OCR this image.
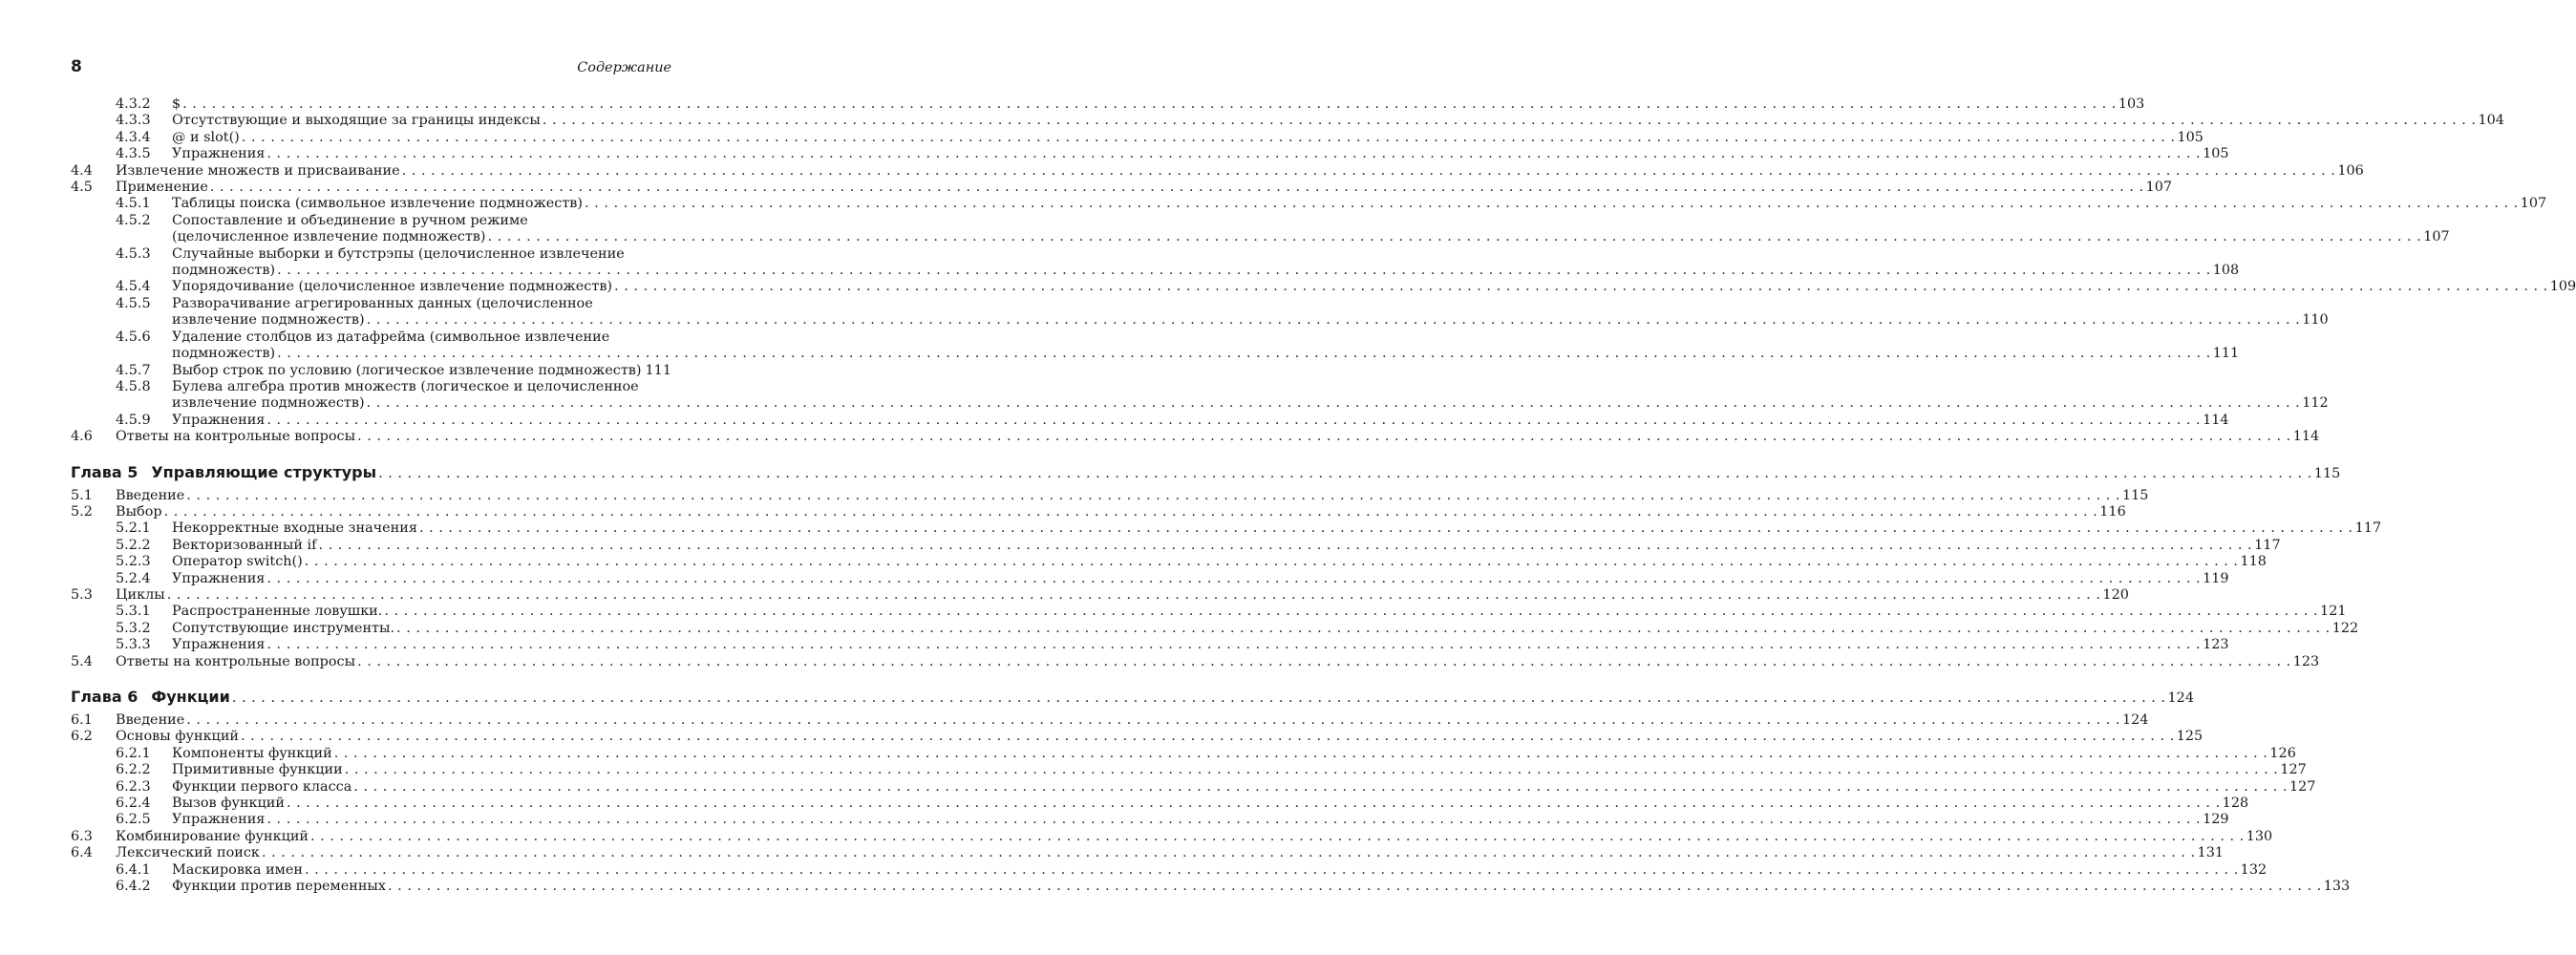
8	Содержание
4.3.2 $ . . . . . . . . . . . . . . . . . . . . . . . . . . . . . . . . . . . . . . . . . . . . . . . . . . . . . . . . . . . . . . . . . . . . . . . . . . . . . . . . . . . . . . . . . . . . . . . . . . . . . . . . . . . . . . . . . . . . . . . . . . . . . . . . . . . . . . . . . . . . . . . . . . . . . . . . . . . . . . . . . . . . . . . . . . . . . . . . . . . . . . . . . . . . . . . . . . . . . . . . 103
4.3.3 Отсутствующие и выходящие за границы индексы . . . . . . . . . . . . . . . . . . . . . . . . . . . . . . . . . . . . . . . . . . . . . . . . . . . . . . . . . . . . . . . . . . . . . . . . . . . . . . . . . . . . . . . . . . . . . . . . . . . . . . . . . . . . . . . . . . . . . . . . . . . . . . . . . . . . . . . . . . . . . . . . . . . . . . . . . . . . . . . . . . . . . . . . . . . . . . . . . . . . . . . . . . . . . . . . . . . . . . . . 104
4.3.4 @ и slot() . . . . . . . . . . . . . . . . . . . . . . . . . . . . . . . . . . . . . . . . . . . . . . . . . . . . . . . . . . . . . . . . . . . . . . . . . . . . . . . . . . . . . . . . . . . . . . . . . . . . . . . . . . . . . . . . . . . . . . . . . . . . . . . . . . . . . . . . . . . . . . . . . . . . . . . . . . . . . . . . . . . . . . . . . . . . . . . . . . . . . . . . . . . . . . . . . . . . . . . . 105
4.3.5 Упражнения . . . . . . . . . . . . . . . . . . . . . . . . . . . . . . . . . . . . . . . . . . . . . . . . . . . . . . . . . . . . . . . . . . . . . . . . . . . . . . . . . . . . . . . . . . . . . . . . . . . . . . . . . . . . . . . . . . . . . . . . . . . . . . . . . . . . . . . . . . . . . . . . . . . . . . . . . . . . . . . . . . . . . . . . . . . . . . . . . . . . . . . . . . . . . . . . . . . . . . . . 105
4.4 Извлечение множеств и присваивание . . . . . . . . . . . . . . . . . . . . . . . . . . . . . . . . . . . . . . . . . . . . . . . . . . . . . . . . . . . . . . . . . . . . . . . . . . . . . . . . . . . . . . . . . . . . . . . . . . . . . . . . . . . . . . . . . . . . . . . . . . . . . . . . . . . . . . . . . . . . . . . . . . . . . . . . . . . . . . . . . . . . . . . . . . . . . . . . . . . . . . . . . . . . . . . . . . . . . . . . 106
4.5 Применение . . . . . . . . . . . . . . . . . . . . . . . . . . . . . . . . . . . . . . . . . . . . . . . . . . . . . . . . . . . . . . . . . . . . . . . . . . . . . . . . . . . . . . . . . . . . . . . . . . . . . . . . . . . . . . . . . . . . . . . . . . . . . . . . . . . . . . . . . . . . . . . . . . . . . . . . . . . . . . . . . . . . . . . . . . . . . . . . . . . . . . . . . . . . . . . . . . . . . . . . 107
4.5.1 Таблицы поиска (символьное извлечение подмножеств) . . . . . . . . . . . . . . . . . . . . . . . . . . . . . . . . . . . . . . . . . . . . . . . . . . . . . . . . . . . . . . . . . . . . . . . . . . . . . . . . . . . . . . . . . . . . . . . . . . . . . . . . . . . . . . . . . . . . . . . . . . . . . . . . . . . . . . . . . . . . . . . . . . . . . . . . . . . . . . . . . . . . . . . . . . . . . . . . . . . . . . . . . . . . . . . . . . . . . . . . 107
4.5.2 Сопоставление и объединение в ручном режиме
(целочисленное извлечение подмножеств) . . . . . . . . . . . . . . . . . . . . . . . . . . . . . . . . . . . . . . . . . . . . . . . . . . . . . . . . . . . . . . . . . . . . . . . . . . . . . . . . . . . . . . . . . . . . . . . . . . . . . . . . . . . . . . . . . . . . . . . . . . . . . . . . . . . . . . . . . . . . . . . . . . . . . . . . . . . . . . . . . . . . . . . . . . . . . . . . . . . . . . . . . . . . . . . . . . . . . . . . 107
4.5.3 Случайные выборки и бутстрэпы (целочисленное извлечение
подмножеств) . . . . . . . . . . . . . . . . . . . . . . . . . . . . . . . . . . . . . . . . . . . . . . . . . . . . . . . . . . . . . . . . . . . . . . . . . . . . . . . . . . . . . . . . . . . . . . . . . . . . . . . . . . . . . . . . . . . . . . . . . . . . . . . . . . . . . . . . . . . . . . . . . . . . . . . . . . . . . . . . . . . . . . . . . . . . . . . . . . . . . . . . . . . . . . . . . . . . . . . . 108
4.5.4 Упорядочивание (целочисленное извлечение подмножеств) . . . . . . . . . . . . . . . . . . . . . . . . . . . . . . . . . . . . . . . . . . . . . . . . . . . . . . . . . . . . . . . . . . . . . . . . . . . . . . . . . . . . . . . . . . . . . . . . . . . . . . . . . . . . . . . . . . . . . . . . . . . . . . . . . . . . . . . . . . . . . . . . . . . . . . . . . . . . . . . . . . . . . . . . . . . . . . . . . . . . . . . . . . . . . . . . . . . . . . . . 109
4.5.5 Разворачивание агрегированных данных (целочисленное
извлечение подмножеств) . . . . . . . . . . . . . . . . . . . . . . . . . . . . . . . . . . . . . . . . . . . . . . . . . . . . . . . . . . . . . . . . . . . . . . . . . . . . . . . . . . . . . . . . . . . . . . . . . . . . . . . . . . . . . . . . . . . . . . . . . . . . . . . . . . . . . . . . . . . . . . . . . . . . . . . . . . . . . . . . . . . . . . . . . . . . . . . . . . . . . . . . . . . . . . . . . . . . . . . . 110
4.5.6 Удаление столбцов из датафрейма (символьное извлечение
подмножеств) . . . . . . . . . . . . . . . . . . . . . . . . . . . . . . . . . . . . . . . . . . . . . . . . . . . . . . . . . . . . . . . . . . . . . . . . . . . . . . . . . . . . . . . . . . . . . . . . . . . . . . . . . . . . . . . . . . . . . . . . . . . . . . . . . . . . . . . . . . . . . . . . . . . . . . . . . . . . . . . . . . . . . . . . . . . . . . . . . . . . . . . . . . . . . . . . . . . . . . . . 111
4.5.7 Выбор строк по условию (логическое извлечение подмножеств) 111
4.5.8 Булева алгебра против множеств (логическое и целочисленное
извлечение подмножеств) . . . . . . . . . . . . . . . . . . . . . . . . . . . . . . . . . . . . . . . . . . . . . . . . . . . . . . . . . . . . . . . . . . . . . . . . . . . . . . . . . . . . . . . . . . . . . . . . . . . . . . . . . . . . . . . . . . . . . . . . . . . . . . . . . . . . . . . . . . . . . . . . . . . . . . . . . . . . . . . . . . . . . . . . . . . . . . . . . . . . . . . . . . . . . . . . . . . . . . . . 112
4.5.9 Упражнения . . . . . . . . . . . . . . . . . . . . . . . . . . . . . . . . . . . . . . . . . . . . . . . . . . . . . . . . . . . . . . . . . . . . . . . . . . . . . . . . . . . . . . . . . . . . . . . . . . . . . . . . . . . . . . . . . . . . . . . . . . . . . . . . . . . . . . . . . . . . . . . . . . . . . . . . . . . . . . . . . . . . . . . . . . . . . . . . . . . . . . . . . . . . . . . . . . . . . . . . 114
4.6 Ответы на контрольные вопросы . . . . . . . . . . . . . . . . . . . . . . . . . . . . . . . . . . . . . . . . . . . . . . . . . . . . . . . . . . . . . . . . . . . . . . . . . . . . . . . . . . . . . . . . . . . . . . . . . . . . . . . . . . . . . . . . . . . . . . . . . . . . . . . . . . . . . . . . . . . . . . . . . . . . . . . . . . . . . . . . . . . . . . . . . . . . . . . . . . . . . . . . . . . . . . . . . . . . . . . . 114
Глава 5 Управляющие структуры . . . . . . . . . . . . . . . . . . . . . . . . . . . . . . . . . . . . . . . . . . . . . . . . . . . . . . . . . . . . . . . . . . . . . . . . . . . . . . . . . . . . . . . . . . . . . . . . . . . . . . . . . . . . . . . . . . . . . . . . . . . . . . . . . . . . . . . . . . . . . . . . . . . . . . . . . . . . . . . . . . . . . . . . . . . . . . . . . . . . . . . . . . . . . . . . . . . . . . . . 115
5.1 Введение . . . . . . . . . . . . . . . . . . . . . . . . . . . . . . . . . . . . . . . . . . . . . . . . . . . . . . . . . . . . . . . . . . . . . . . . . . . . . . . . . . . . . . . . . . . . . . . . . . . . . . . . . . . . . . . . . . . . . . . . . . . . . . . . . . . . . . . . . . . . . . . . . . . . . . . . . . . . . . . . . . . . . . . . . . . . . . . . . . . . . . . . . . . . . . . . . . . . . . . . 115
5.2 Выбор . . . . . . . . . . . . . . . . . . . . . . . . . . . . . . . . . . . . . . . . . . . . . . . . . . . . . . . . . . . . . . . . . . . . . . . . . . . . . . . . . . . . . . . . . . . . . . . . . . . . . . . . . . . . . . . . . . . . . . . . . . . . . . . . . . . . . . . . . . . . . . . . . . . . . . . . . . . . . . . . . . . . . . . . . . . . . . . . . . . . . . . . . . . . . . . . . . . . . . . . 116
5.2.1 Некорректные входные значения . . . . . . . . . . . . . . . . . . . . . . . . . . . . . . . . . . . . . . . . . . . . . . . . . . . . . . . . . . . . . . . . . . . . . . . . . . . . . . . . . . . . . . . . . . . . . . . . . . . . . . . . . . . . . . . . . . . . . . . . . . . . . . . . . . . . . . . . . . . . . . . . . . . . . . . . . . . . . . . . . . . . . . . . . . . . . . . . . . . . . . . . . . . . . . . . . . . . . . . . 117
5.2.2 Векторизованный if . . . . . . . . . . . . . . . . . . . . . . . . . . . . . . . . . . . . . . . . . . . . . . . . . . . . . . . . . . . . . . . . . . . . . . . . . . . . . . . . . . . . . . . . . . . . . . . . . . . . . . . . . . . . . . . . . . . . . . . . . . . . . . . . . . . . . . . . . . . . . . . . . . . . . . . . . . . . . . . . . . . . . . . . . . . . . . . . . . . . . . . . . . . . . . . . . . . . . . . . 117
5.2.3 Оператор switch() . . . . . . . . . . . . . . . . . . . . . . . . . . . . . . . . . . . . . . . . . . . . . . . . . . . . . . . . . . . . . . . . . . . . . . . . . . . . . . . . . . . . . . . . . . . . . . . . . . . . . . . . . . . . . . . . . . . . . . . . . . . . . . . . . . . . . . . . . . . . . . . . . . . . . . . . . . . . . . . . . . . . . . . . . . . . . . . . . . . . . . . . . . . . . . . . . . . . . . . . 118
5.2.4 Упражнения . . . . . . . . . . . . . . . . . . . . . . . . . . . . . . . . . . . . . . . . . . . . . . . . . . . . . . . . . . . . . . . . . . . . . . . . . . . . . . . . . . . . . . . . . . . . . . . . . . . . . . . . . . . . . . . . . . . . . . . . . . . . . . . . . . . . . . . . . . . . . . . . . . . . . . . . . . . . . . . . . . . . . . . . . . . . . . . . . . . . . . . . . . . . . . . . . . . . . . . . 119
5.3 Циклы . . . . . . . . . . . . . . . . . . . . . . . . . . . . . . . . . . . . . . . . . . . . . . . . . . . . . . . . . . . . . . . . . . . . . . . . . . . . . . . . . . . . . . . . . . . . . . . . . . . . . . . . . . . . . . . . . . . . . . . . . . . . . . . . . . . . . . . . . . . . . . . . . . . . . . . . . . . . . . . . . . . . . . . . . . . . . . . . . . . . . . . . . . . . . . . . . . . . . . . . 120
5.3.1 Распространенные ловушки. . . . . . . . . . . . . . . . . . . . . . . . . . . . . . . . . . . . . . . . . . . . . . . . . . . . . . . . . . . . . . . . . . . . . . . . . . . . . . . . . . . . . . . . . . . . . . . . . . . . . . . . . . . . . . . . . . . . . . . . . . . . . . . . . . . . . . . . . . . . . . . . . . . . . . . . . . . . . . . . . . . . . . . . . . . . . . . . . . . . . . . . . . . . . . . . . . . . . . . . . 121
5.3.2 Сопутствующие инструменты. . . . . . . . . . . . . . . . . . . . . . . . . . . . . . . . . . . . . . . . . . . . . . . . . . . . . . . . . . . . . . . . . . . . . . . . . . . . . . . . . . . . . . . . . . . . . . . . . . . . . . . . . . . . . . . . . . . . . . . . . . . . . . . . . . . . . . . . . . . . . . . . . . . . . . . . . . . . . . . . . . . . . . . . . . . . . . . . . . . . . . . . . . . . . . . . . . . . . . . . . 122
5.3.3 Упражнения . . . . . . . . . . . . . . . . . . . . . . . . . . . . . . . . . . . . . . . . . . . . . . . . . . . . . . . . . . . . . . . . . . . . . . . . . . . . . . . . . . . . . . . . . . . . . . . . . . . . . . . . . . . . . . . . . . . . . . . . . . . . . . . . . . . . . . . . . . . . . . . . . . . . . . . . . . . . . . . . . . . . . . . . . . . . . . . . . . . . . . . . . . . . . . . . . . . . . . . . 123
5.4 Ответы на контрольные вопросы . . . . . . . . . . . . . . . . . . . . . . . . . . . . . . . . . . . . . . . . . . . . . . . . . . . . . . . . . . . . . . . . . . . . . . . . . . . . . . . . . . . . . . . . . . . . . . . . . . . . . . . . . . . . . . . . . . . . . . . . . . . . . . . . . . . . . . . . . . . . . . . . . . . . . . . . . . . . . . . . . . . . . . . . . . . . . . . . . . . . . . . . . . . . . . . . . . . . . . . . 123
Глава 6 Функции . . . . . . . . . . . . . . . . . . . . . . . . . . . . . . . . . . . . . . . . . . . . . . . . . . . . . . . . . . . . . . . . . . . . . . . . . . . . . . . . . . . . . . . . . . . . . . . . . . . . . . . . . . . . . . . . . . . . . . . . . . . . . . . . . . . . . . . . . . . . . . . . . . . . . . . . . . . . . . . . . . . . . . . . . . . . . . . . . . . . . . . . . . . . . . . . . . . . . . . . 124
6.1 Введение . . . . . . . . . . . . . . . . . . . . . . . . . . . . . . . . . . . . . . . . . . . . . . . . . . . . . . . . . . . . . . . . . . . . . . . . . . . . . . . . . . . . . . . . . . . . . . . . . . . . . . . . . . . . . . . . . . . . . . . . . . . . . . . . . . . . . . . . . . . . . . . . . . . . . . . . . . . . . . . . . . . . . . . . . . . . . . . . . . . . . . . . . . . . . . . . . . . . . . . . 124
6.2 Основы функций . . . . . . . . . . . . . . . . . . . . . . . . . . . . . . . . . . . . . . . . . . . . . . . . . . . . . . . . . . . . . . . . . . . . . . . . . . . . . . . . . . . . . . . . . . . . . . . . . . . . . . . . . . . . . . . . . . . . . . . . . . . . . . . . . . . . . . . . . . . . . . . . . . . . . . . . . . . . . . . . . . . . . . . . . . . . . . . . . . . . . . . . . . . . . . . . . . . . . . . . 125
6.2.1 Компоненты функций . . . . . . . . . . . . . . . . . . . . . . . . . . . . . . . . . . . . . . . . . . . . . . . . . . . . . . . . . . . . . . . . . . . . . . . . . . . . . . . . . . . . . . . . . . . . . . . . . . . . . . . . . . . . . . . . . . . . . . . . . . . . . . . . . . . . . . . . . . . . . . . . . . . . . . . . . . . . . . . . . . . . . . . . . . . . . . . . . . . . . . . . . . . . . . . . . . . . . . . . 126
6.2.2 Примитивные функции . . . . . . . . . . . . . . . . . . . . . . . . . . . . . . . . . . . . . . . . . . . . . . . . . . . . . . . . . . . . . . . . . . . . . . . . . . . . . . . . . . . . . . . . . . . . . . . . . . . . . . . . . . . . . . . . . . . . . . . . . . . . . . . . . . . . . . . . . . . . . . . . . . . . . . . . . . . . . . . . . . . . . . . . . . . . . . . . . . . . . . . . . . . . . . . . . . . . . . . . 127
6.2.3 Функции первого класса . . . . . . . . . . . . . . . . . . . . . . . . . . . . . . . . . . . . . . . . . . . . . . . . . . . . . . . . . . . . . . . . . . . . . . . . . . . . . . . . . . . . . . . . . . . . . . . . . . . . . . . . . . . . . . . . . . . . . . . . . . . . . . . . . . . . . . . . . . . . . . . . . . . . . . . . . . . . . . . . . . . . . . . . . . . . . . . . . . . . . . . . . . . . . . . . . . . . . . . . 127
6.2.4 Вызов функций . . . . . . . . . . . . . . . . . . . . . . . . . . . . . . . . . . . . . . . . . . . . . . . . . . . . . . . . . . . . . . . . . . . . . . . . . . . . . . . . . . . . . . . . . . . . . . . . . . . . . . . . . . . . . . . . . . . . . . . . . . . . . . . . . . . . . . . . . . . . . . . . . . . . . . . . . . . . . . . . . . . . . . . . . . . . . . . . . . . . . . . . . . . . . . . . . . . . . . . . 128
6.2.5 Упражнения . . . . . . . . . . . . . . . . . . . . . . . . . . . . . . . . . . . . . . . . . . . . . . . . . . . . . . . . . . . . . . . . . . . . . . . . . . . . . . . . . . . . . . . . . . . . . . . . . . . . . . . . . . . . . . . . . . . . . . . . . . . . . . . . . . . . . . . . . . . . . . . . . . . . . . . . . . . . . . . . . . . . . . . . . . . . . . . . . . . . . . . . . . . . . . . . . . . . . . . . 129
6.3 Комбинирование функций . . . . . . . . . . . . . . . . . . . . . . . . . . . . . . . . . . . . . . . . . . . . . . . . . . . . . . . . . . . . . . . . . . . . . . . . . . . . . . . . . . . . . . . . . . . . . . . . . . . . . . . . . . . . . . . . . . . . . . . . . . . . . . . . . . . . . . . . . . . . . . . . . . . . . . . . . . . . . . . . . . . . . . . . . . . . . . . . . . . . . . . . . . . . . . . . . . . . . . . . 130
6.4 Лексический поиск . . . . . . . . . . . . . . . . . . . . . . . . . . . . . . . . . . . . . . . . . . . . . . . . . . . . . . . . . . . . . . . . . . . . . . . . . . . . . . . . . . . . . . . . . . . . . . . . . . . . . . . . . . . . . . . . . . . . . . . . . . . . . . . . . . . . . . . . . . . . . . . . . . . . . . . . . . . . . . . . . . . . . . . . . . . . . . . . . . . . . . . . . . . . . . . . . . . . . . . . 131
6.4.1 Маскировка имен . . . . . . . . . . . . . . . . . . . . . . . . . . . . . . . . . . . . . . . . . . . . . . . . . . . . . . . . . . . . . . . . . . . . . . . . . . . . . . . . . . . . . . . . . . . . . . . . . . . . . . . . . . . . . . . . . . . . . . . . . . . . . . . . . . . . . . . . . . . . . . . . . . . . . . . . . . . . . . . . . . . . . . . . . . . . . . . . . . . . . . . . . . . . . . . . . . . . . . . . 132
6.4.2 Функции против переменных . . . . . . . . . . . . . . . . . . . . . . . . . . . . . . . . . . . . . . . . . . . . . . . . . . . . . . . . . . . . . . . . . . . . . . . . . . . . . . . . . . . . . . . . . . . . . . . . . . . . . . . . . . . . . . . . . . . . . . . . . . . . . . . . . . . . . . . . . . . . . . . . . . . . . . . . . . . . . . . . . . . . . . . . . . . . . . . . . . . . . . . . . . . . . . . . . . . . . . . . 133
